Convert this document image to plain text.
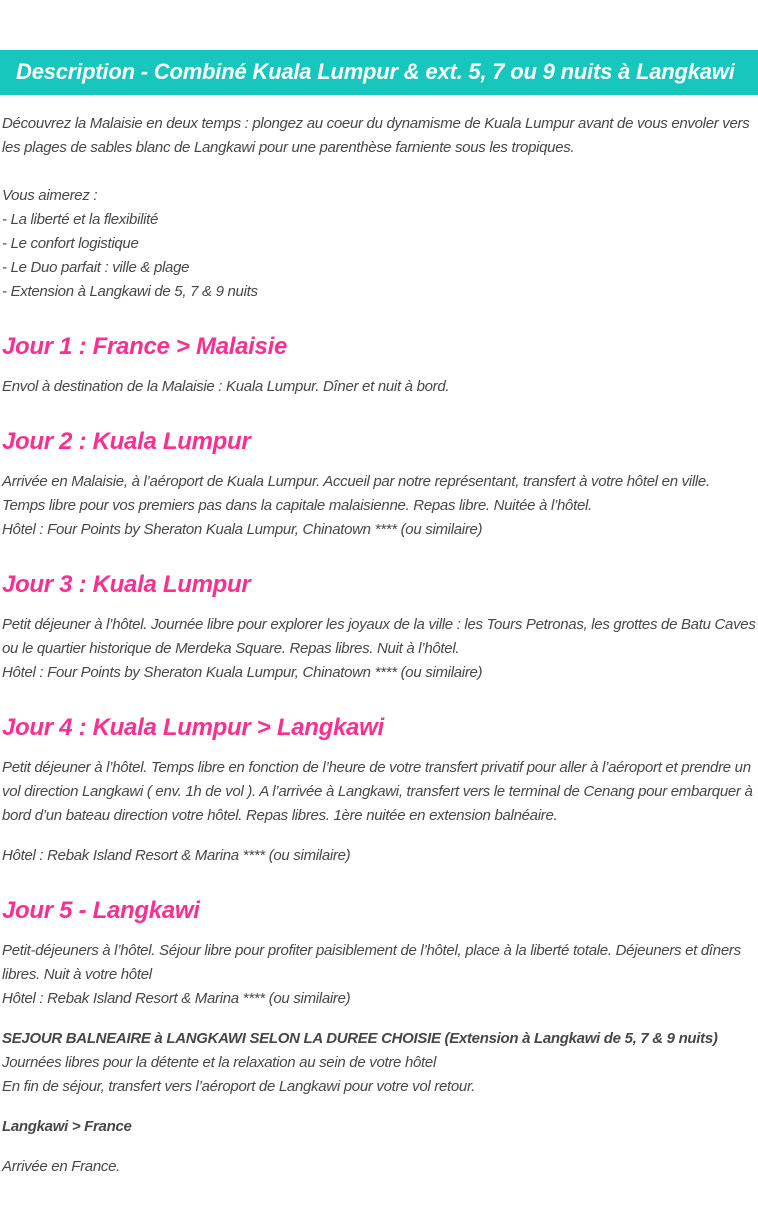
Description - Combiné Kuala Lumpur & ext. 5, 7 ou 9 nuits à Langkawi

Découvrez la Malaisie en deux temps : plongez au coeur du dynamisme de Kuala Lumpur avant de vous envoler vers les plages de sables blanc de Langkawi pour une parenthèse farniente sous les tropiques.

Vous aimerez :
- La liberté et la flexibilité
- Le confort logistique
- Le Duo parfait : ville & plage
- Extension à Langkawi de 5, 7 & 9 nuits
Jour 1 : France > Malaisie

Envol à destination de la Malaisie : Kuala Lumpur. Dîner et nuit à bord.

Jour 2 : Kuala Lumpur

Arrivée en Malaisie, à l’aéroport de Kuala Lumpur. Accueil par notre représentant, transfert à votre hôtel en ville. Temps libre pour vos premiers pas dans la capitale malaisienne. Repas libre. Nuitée à l’hôtel.

Hôtel : Four Points by Sheraton Kuala Lumpur, Chinatown **** (ou similaire)

Jour 3 : Kuala Lumpur

Petit déjeuner à l’hôtel. Journée libre pour explorer les joyaux de la ville : les Tours Petronas, les grottes de Batu Caves ou le quartier historique de Merdeka Square. Repas libres. Nuit à l’hôtel.

Hôtel : Four Points by Sheraton Kuala Lumpur, Chinatown **** (ou similaire)

Jour 4 : Kuala Lumpur > Langkawi

Petit déjeuner à l’hôtel. Temps libre en fonction de l’heure de votre transfert privatif pour aller à l’aéroport et prendre un vol direction Langkawi ( env. 1h de vol ). A l’arrivée à Langkawi, transfert vers le terminal de Cenang pour embarquer à bord d’un bateau direction votre hôtel. Repas libres. 1ère nuitée en extension balnéaire.

Hôtel : Rebak Island Resort & Marina **** (ou similaire)

Jour 5 - Langkawi

Petit-déjeuners à l’hôtel. Séjour libre pour profiter paisiblement de l’hôtel, place à la liberté totale. Déjeuners et dîners libres. Nuit à votre hôtel

Hôtel : Rebak Island Resort & Marina **** (ou similaire)

SEJOUR BALNEAIRE à LANGKAWI SELON LA DUREE CHOISIE (Extension à Langkawi de 5, 7 & 9 nuits)

Journées libres pour la détente et la relaxation au sein de votre hôtel

En fin de séjour, transfert vers l’aéroport de Langkawi pour votre vol retour.

Langkawi > France

Arrivée en France.
